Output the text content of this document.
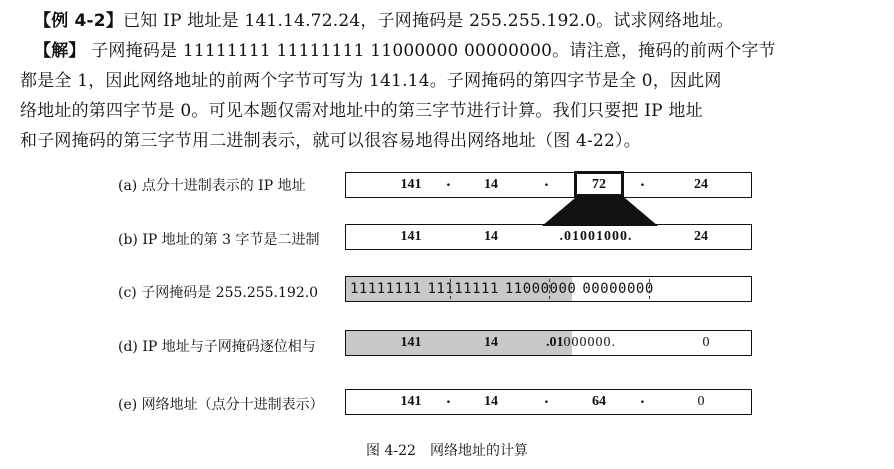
【例 4-2】已知 IP 地址是 141.14.72.24，子网掩码是 255.255.192.0。试求网络地址。
【解】 子网掩码是 11111111 11111111 11000000 00000000。请注意，掩码的前两个字节
都是全 1，因此网络地址的前两个字节可写为 141.14。子网掩码的第四字节是全 0，因此网
络地址的第四字节是 0。可见本题仅需对地址中的第三字节进行计算。我们只要把 IP 地址
和子网掩码的第三字节用二进制表示，就可以很容易地得出网络地址（图 4-22）。
(a) 点分十进制表示的 IP 地址	141	.	14	.	72	.	24
(b) IP 地址的第 3 字节是二进制	141	14	.01001000.	24
(c) 子网掩码是 255.255.192.0 11111111 11111111 11000000 00000000
(d) IP 地址与子网掩码逐位相与	141	14	.01 000000.	0
(e) 网络地址（点分十进制表示）	141	.	14	.	64	.	0
图 4-22　网络地址的计算
